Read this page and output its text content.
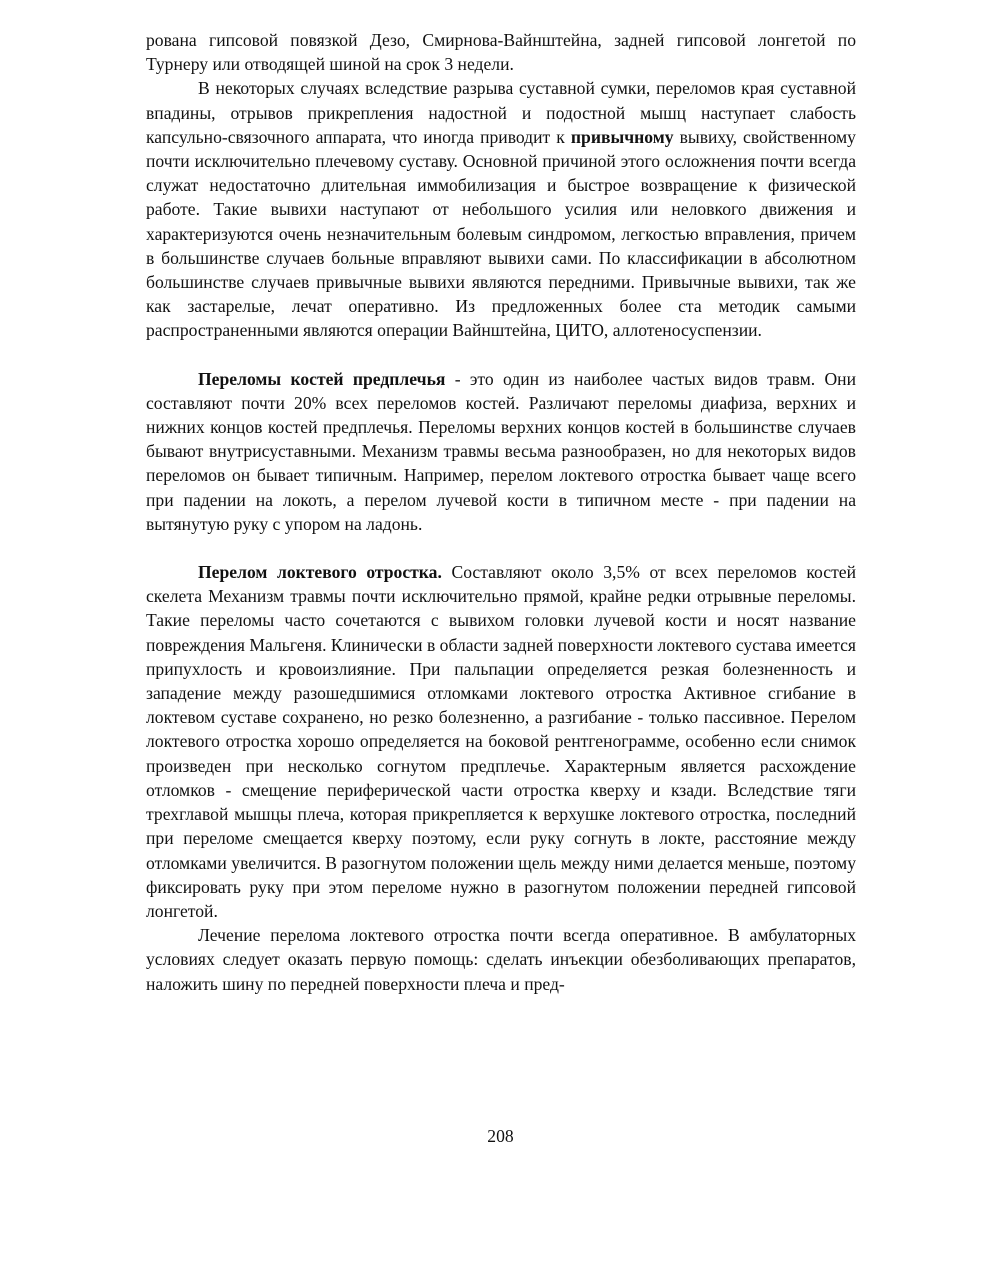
рована гипсовой повязкой Дезо, Смирнова-Вайнштейна, задней гипсовой лонгетой по Турнеру или отводящей шиной на срок 3 недели.

В некоторых случаях вследствие разрыва суставной сумки, переломов края суставной впадины, отрывов прикрепления надостной и подостной мышц наступает слабость капсульно-связочного аппарата, что иногда приводит к привычному вывиху, свойственному почти исключительно плечевому суставу. Основной причиной этого осложнения почти всегда служат недостаточно длительная иммобилизация и быстрое возвращение к физической работе. Такие вывихи наступают от небольшого усилия или неловкого движения и характеризуются очень незначительным болевым синдромом, легкостью вправления, причем в большинстве случаев больные вправляют вывихи сами. По классификации в абсолютном большинстве случаев привычные вывихи являются передними. Привычные вывихи, так же как застарелые, лечат оперативно. Из предложенных более ста методик самыми распространенными являются операции Вайнштейна, ЦИТО, аллотеносуспензии.

Переломы костей предплечья - это один из наиболее частых видов травм. Они составляют почти 20% всех переломов костей. Различают переломы диафиза, верхних и нижних концов костей предплечья. Переломы верхних концов костей в большинстве случаев бывают внутрисуставными. Механизм травмы весьма разнообразен, но для некоторых видов переломов он бывает типичным. Например, перелом локтевого отростка бывает чаще всего при падении на локоть, а перелом лучевой кости в типичном месте - при падении на вытянутую руку с упором на ладонь.

Перелом локтевого отростка. Составляют около 3,5% от всех переломов костей скелета Механизм травмы почти исключительно прямой, крайне редки отрывные переломы. Такие переломы часто сочетаются с вывихом головки лучевой кости и носят название повреждения Мальгеня. Клинически в области задней поверхности локтевого сустава имеется припухлость и кровоизлияние. При пальпации определяется резкая болезненность и западение между разошедшимися отломками локтевого отростка Активное сгибание в локтевом суставе сохранено, но резко болезненно, а разгибание - только пассивное. Перелом локтевого отростка хорошо определяется на боковой рентгенограмме, особенно если снимок произведен при несколько согнутом предплечье. Характерным является расхождение отломков - смещение периферической части отростка кверху и кзади. Вследствие тяги трехглавой мышцы плеча, которая прикрепляется к верхушке локтевого отростка, последний при переломе смещается кверху поэтому, если руку согнуть в локте, расстояние между отломками увеличится. В разогнутом положении щель между ними делается меньше, поэтому фиксировать руку при этом переломе нужно в разогнутом положении передней гипсовой лонгетой.

Лечение перелома локтевого отростка почти всегда оперативное. В амбулаторных условиях следует оказать первую помощь: сделать инъекции обезболивающих препаратов, наложить шину по передней поверхности плеча и пред-

208
